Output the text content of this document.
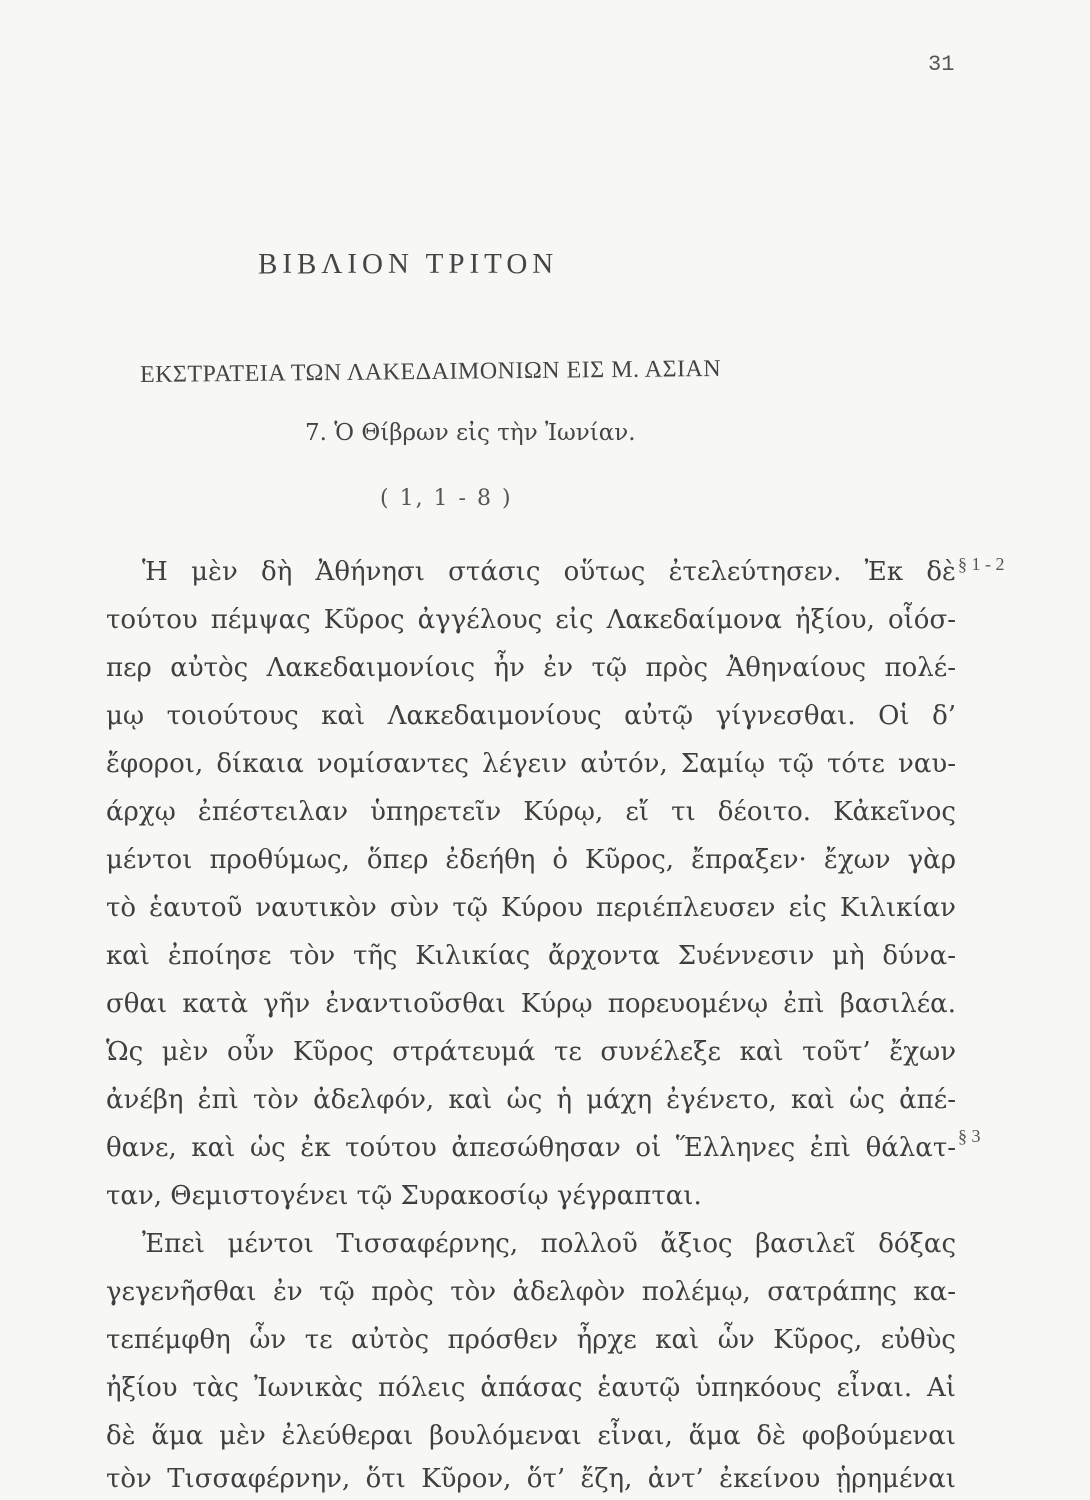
31
ΒΙΒΛΙΟΝ ΤΡΙΤΟΝ
ΕΚΣΤΡΑΤΕΙΑ ΤΩΝ ΛΑΚΕΔΑΙΜΟΝΙΩΝ ΕΙΣ Μ. ΑΣΙΑΝ
7. Ὁ Θίβρων εἰς τὴν Ἰωνίαν.
( 1, 1 - 8 )
§ 1 - 2
§ 3
Ἡ μὲν δὴ Ἀθήνησι στάσις οὕτως ἐτελεύτησεν. Ἐκ δὲ
τούτου πέμψας Κῦρος ἀγγέλους εἰς Λακεδαίμονα ἠξίου, οἷόσ-
περ αὐτὸς Λακεδαιμονίοις ἦν ἐν τῷ πρὸς Ἀθηναίους πολέ-
μῳ τοιούτους καὶ Λακεδαιμονίους αὐτῷ γίγνεσθαι. Οἱ δ’
ἔφοροι, δίκαια νομίσαντες λέγειν αὐτόν, Σαμίῳ τῷ τότε ναυ-
άρχῳ ἐπέστειλαν ὑπηρετεῖν Κύρῳ, εἴ τι δέοιτο. Κἀκεῖνος
μέντοι προθύμως, ὅπερ ἐδεήθη ὁ Κῦρος, ἔπραξεν· ἔχων γὰρ
τὸ ἑαυτοῦ ναυτικὸν σὺν τῷ Κύρου περιέπλευσεν εἰς Κιλικίαν
καὶ ἐποίησε τὸν τῆς Κιλικίας ἄρχοντα Συέννεσιν μὴ δύνα-
σθαι κατὰ γῆν ἐναντιοῦσθαι Κύρῳ πορευομένῳ ἐπὶ βασιλέα.
Ὡς μὲν οὖν Κῦρος στράτευμά τε συνέλεξε καὶ τοῦτ’ ἔχων
ἀνέβη ἐπὶ τὸν ἀδελφόν, καὶ ὡς ἡ μάχη ἐγένετο, καὶ ὡς ἀπέ-
θανε, καὶ ὡς ἐκ τούτου ἀπεσώθησαν οἱ Ἕλληνες ἐπὶ θάλατ-
ταν, Θεμιστογένει τῷ Συρακοσίῳ γέγραπται.
Ἐπεὶ μέντοι Τισσαφέρνης, πολλοῦ ἄξιος βασιλεῖ δόξας
γεγενῆσθαι ἐν τῷ πρὸς τὸν ἀδελφὸν πολέμῳ, σατράπης κα-
τεπέμφθη ὧν τε αὐτὸς πρόσθεν ἦρχε καὶ ὧν Κῦρος, εὐθὺς
ἠξίου τὰς Ἰωνικὰς πόλεις ἁπάσας ἑαυτῷ ὑπηκόους εἶναι. Αἱ
δὲ ἅμα μὲν ἐλεύθεραι βουλόμεναι εἶναι, ἅμα δὲ φοβούμεναι
τὸν Τισσαφέρνην, ὅτι Κῦρον, ὅτ’ ἔζη, ἀντ’ ἐκείνου ᾑρημέναι
